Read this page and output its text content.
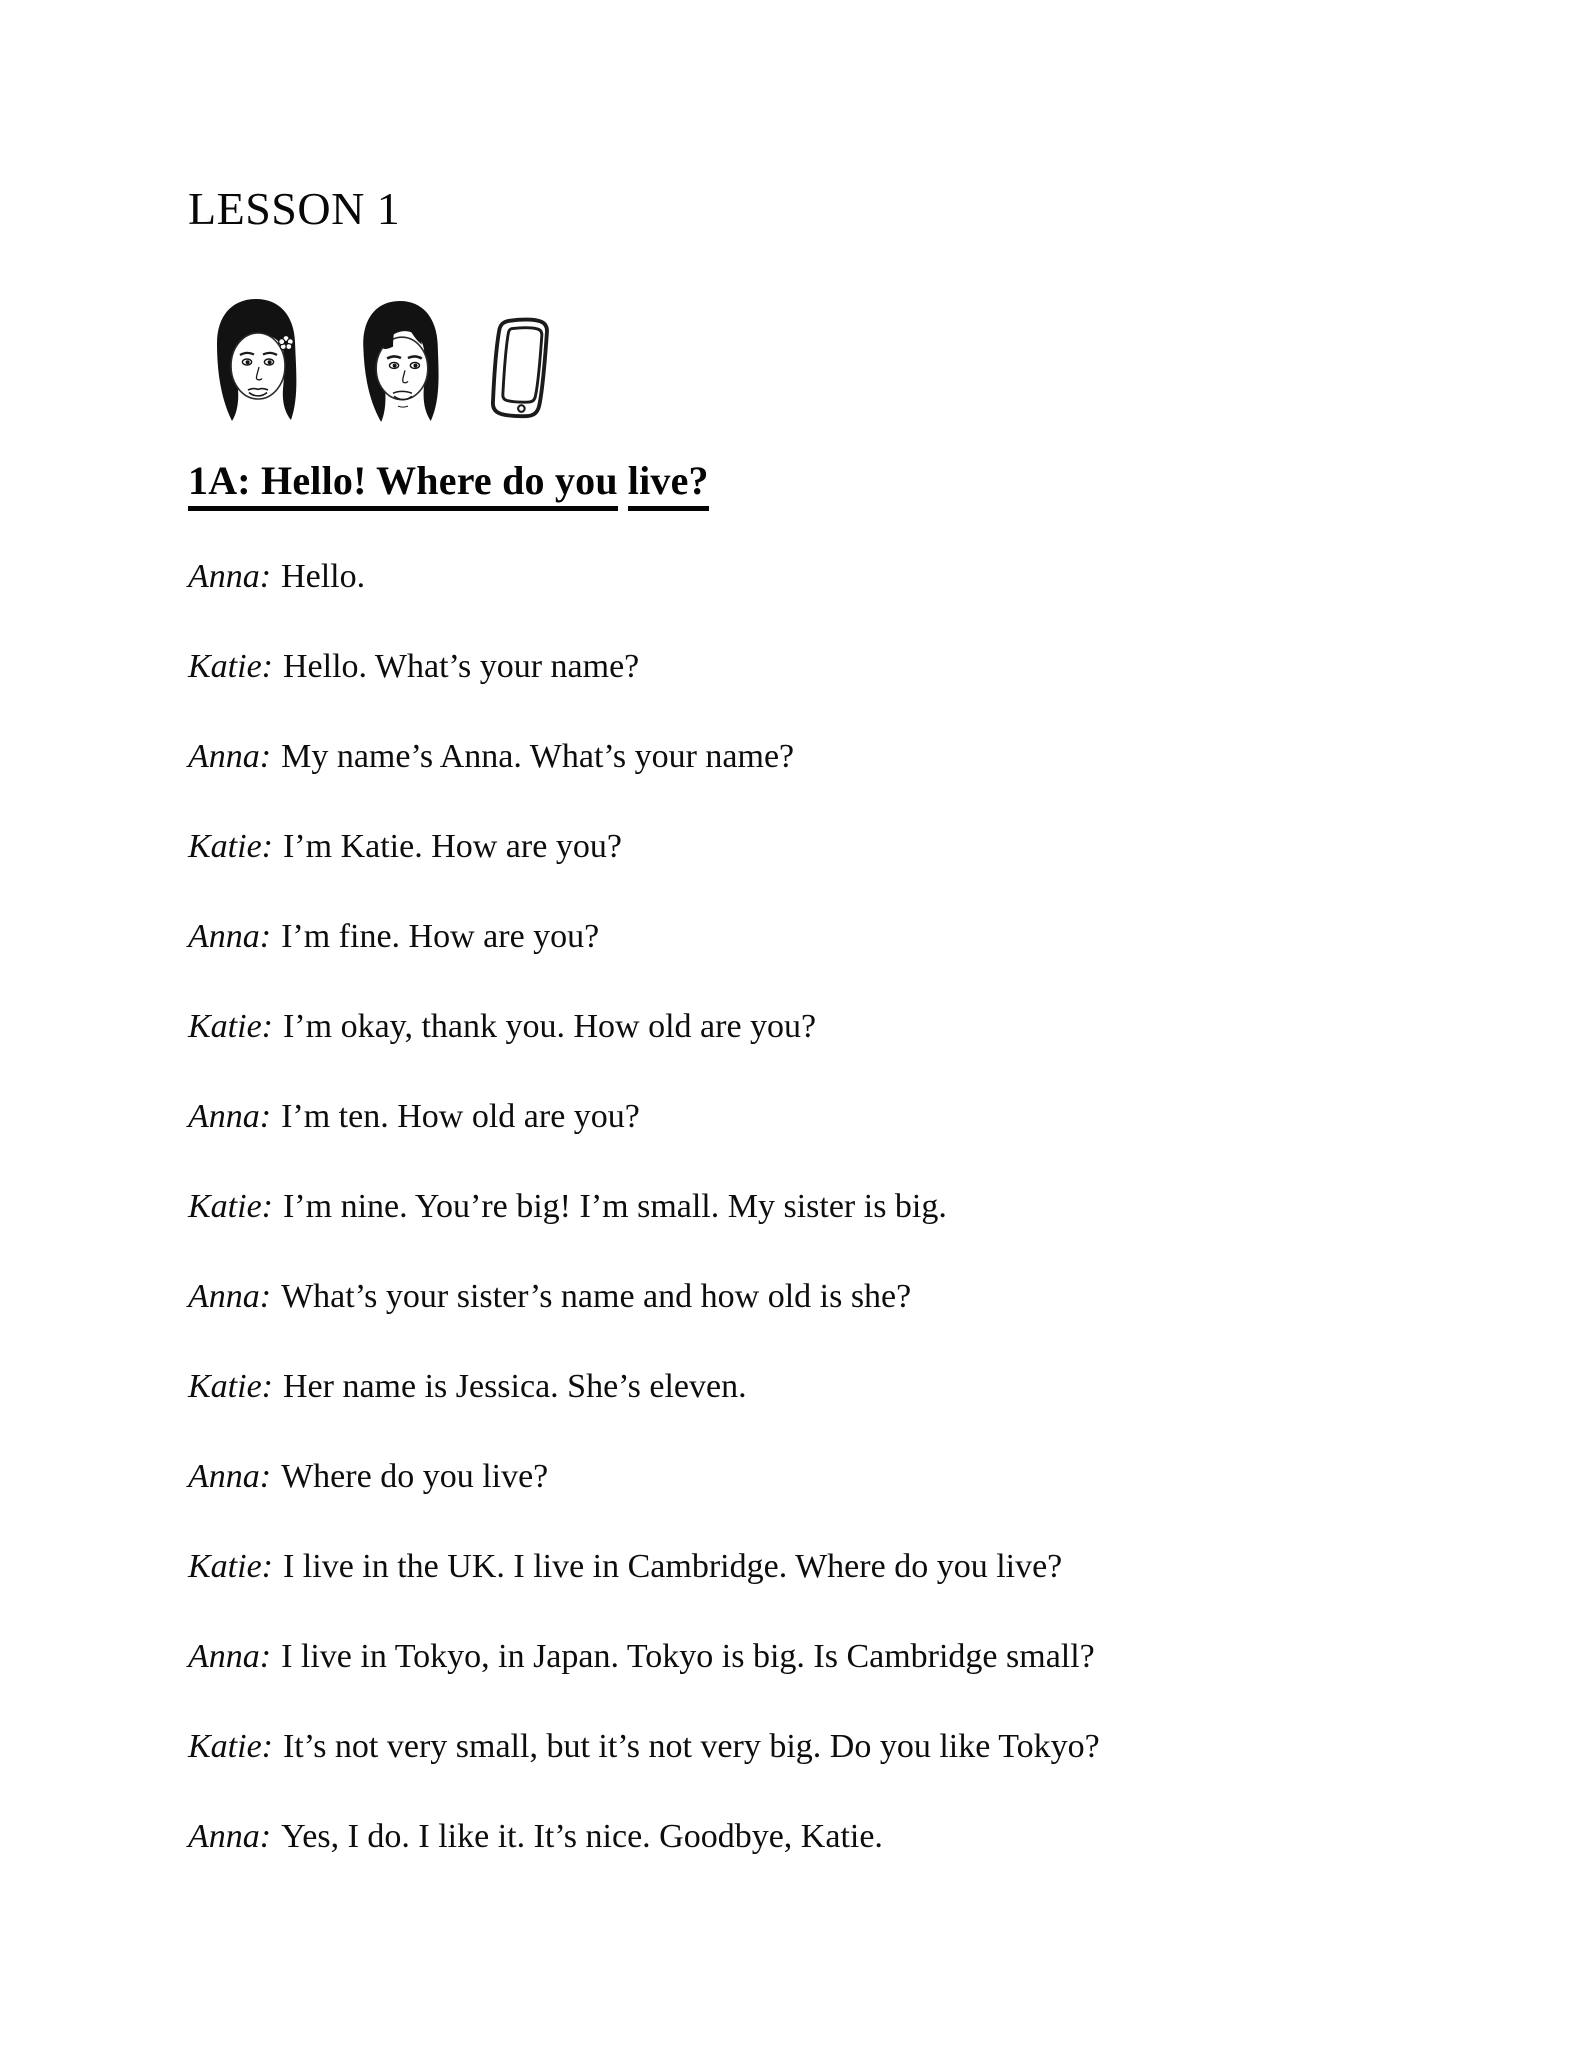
LESSON 1
1A: Hello! Where do you live?

Anna: Hello.

Katie: Hello. What’s your name?

Anna: My name’s Anna. What’s your name?

Katie: I’m Katie. How are you?

Anna: I’m fine. How are you?

Katie: I’m okay, thank you. How old are you?

Anna: I’m ten. How old are you?

Katie: I’m nine. You’re big! I’m small. My sister is big.

Anna: What’s your sister’s name and how old is she?

Katie: Her name is Jessica. She’s eleven.

Anna: Where do you live?

Katie: I live in the UK. I live in Cambridge. Where do you live?

Anna: I live in Tokyo, in Japan. Tokyo is big. Is Cambridge small?

Katie: It’s not very small, but it’s not very big. Do you like Tokyo?

Anna: Yes, I do. I like it. It’s nice. Goodbye, Katie.
